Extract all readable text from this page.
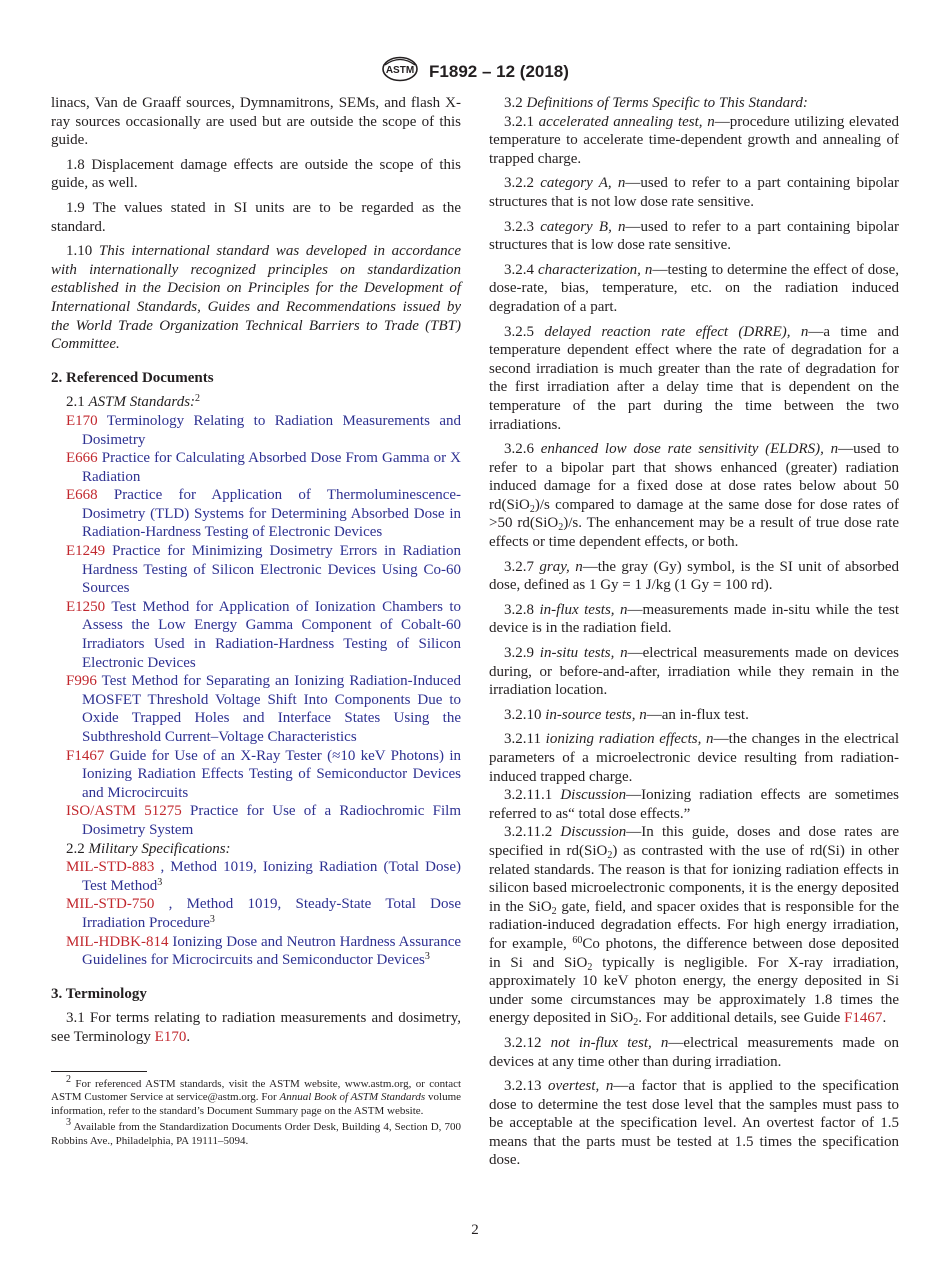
ASTM F1892 – 12 (2018)

linacs, Van de Graaff sources, Dymnamitrons, SEMs, and flash X-ray sources occasionally are used but are outside the scope of this guide.

1.8 Displacement damage effects are outside the scope of this guide, as well.

1.9 The values stated in SI units are to be regarded as the standard.

1.10 This international standard was developed in accordance with internationally recognized principles on standardization established in the Decision on Principles for the Development of International Standards, Guides and Recommendations issued by the World Trade Organization Technical Barriers to Trade (TBT) Committee.

2. Referenced Documents

2.1 ASTM Standards:$^2$

E170 Terminology Relating to Radiation Measurements and Dosimetry
E666 Practice for Calculating Absorbed Dose From Gamma or X Radiation
E668 Practice for Application of Thermoluminescence-Dosimetry (TLD) Systems for Determining Absorbed Dose in Radiation-Hardness Testing of Electronic Devices
E1249 Practice for Minimizing Dosimetry Errors in Radiation Hardness Testing of Silicon Electronic Devices Using Co-60 Sources
E1250 Test Method for Application of Ionization Chambers to Assess the Low Energy Gamma Component of Cobalt-60 Irradiators Used in Radiation-Hardness Testing of Silicon Electronic Devices
F996 Test Method for Separating an Ionizing Radiation-Induced MOSFET Threshold Voltage Shift Into Components Due to Oxide Trapped Holes and Interface States Using the Subthreshold Current–Voltage Characteristics
F1467 Guide for Use of an X-Ray Tester (≈10 keV Photons) in Ionizing Radiation Effects Testing of Semiconductor Devices and Microcircuits
ISO/ASTM 51275 Practice for Use of a Radiochromic Film Dosimetry System

2.2 Military Specifications:

MIL-STD-883 , Method 1019, Ionizing Radiation (Total Dose) Test Method$^3$
MIL-STD-750 , Method 1019, Steady-State Total Dose Irradiation Procedure$^3$
MIL-HDBK-814 Ionizing Dose and Neutron Hardness Assurance Guidelines for Microcircuits and Semiconductor Devices$^3$
3. Terminology

3.1 For terms relating to radiation measurements and dosimetry, see Terminology E170.

$^2$ For referenced ASTM standards, visit the ASTM website, www.astm.org, or contact ASTM Customer Service at service@astm.org. For Annual Book of ASTM Standards volume information, refer to the standard’s Document Summary page on the ASTM website.

$^3$ Available from the Standardization Documents Order Desk, Building 4, Section D, 700 Robbins Ave., Philadelphia, PA 19111–5094.

3.2 Definitions of Terms Specific to This Standard:

3.2.1 accelerated annealing test, n—procedure utilizing elevated temperature to accelerate time-dependent growth and annealing of trapped charge.

3.2.2 category A, n—used to refer to a part containing bipolar structures that is not low dose rate sensitive.

3.2.3 category B, n—used to refer to a part containing bipolar structures that is low dose rate sensitive.

3.2.4 characterization, n—testing to determine the effect of dose, dose-rate, bias, temperature, etc. on the radiation induced degradation of a part.

3.2.5 delayed reaction rate effect (DRRE), n—a time and temperature dependent effect where the rate of degradation for a second irradiation is much greater than the rate of degradation for the first irradiation after a delay time that is dependent on the temperature of the part during the time between the two irradiations.

3.2.6 enhanced low dose rate sensitivity (ELDRS), n—used to refer to a bipolar part that shows enhanced (greater) radiation induced damage for a fixed dose at dose rates below about 50 rd(SiO$_2$)/s compared to damage at the same dose for dose rates of >50 rd(SiO$_2$)/s. The enhancement may be a result of true dose rate effects or time dependent effects, or both.

3.2.7 gray, n—the gray (Gy) symbol, is the SI unit of absorbed dose, defined as 1 Gy = 1 J/kg (1 Gy = 100 rd).

3.2.8 in-flux tests, n—measurements made in-situ while the test device is in the radiation field.

3.2.9 in-situ tests, n—electrical measurements made on devices during, or before-and-after, irradiation while they remain in the irradiation location.

3.2.10 in-source tests, n—an in-flux test.

3.2.11 ionizing radiation effects, n—the changes in the electrical parameters of a microelectronic device resulting from radiation-induced trapped charge.

3.2.11.1 Discussion—Ionizing radiation effects are sometimes referred to as“ total dose effects.”

3.2.11.2 Discussion—In this guide, doses and dose rates are specified in rd(SiO$_2$) as contrasted with the use of rd(Si) in other related standards. The reason is that for ionizing radiation effects in silicon based microelectronic components, it is the energy deposited in the SiO$_2$ gate, field, and spacer oxides that is responsible for the radiation-induced degradation effects. For high energy irradiation, for example, $^{60}$Co photons, the difference between dose deposited in Si and SiO$_2$ typically is negligible. For X-ray irradiation, approximately 10 keV photon energy, the energy deposited in Si under some circumstances may be approximately 1.8 times the energy deposited in SiO$_2$. For additional details, see Guide F1467.

3.2.12 not in-flux test, n—electrical measurements made on devices at any time other than during irradiation.

3.2.13 overtest, n—a factor that is applied to the specification dose to determine the test dose level that the samples must pass to be acceptable at the specification level. An overtest factor of 1.5 means that the parts must be tested at 1.5 times the specification dose.

2
